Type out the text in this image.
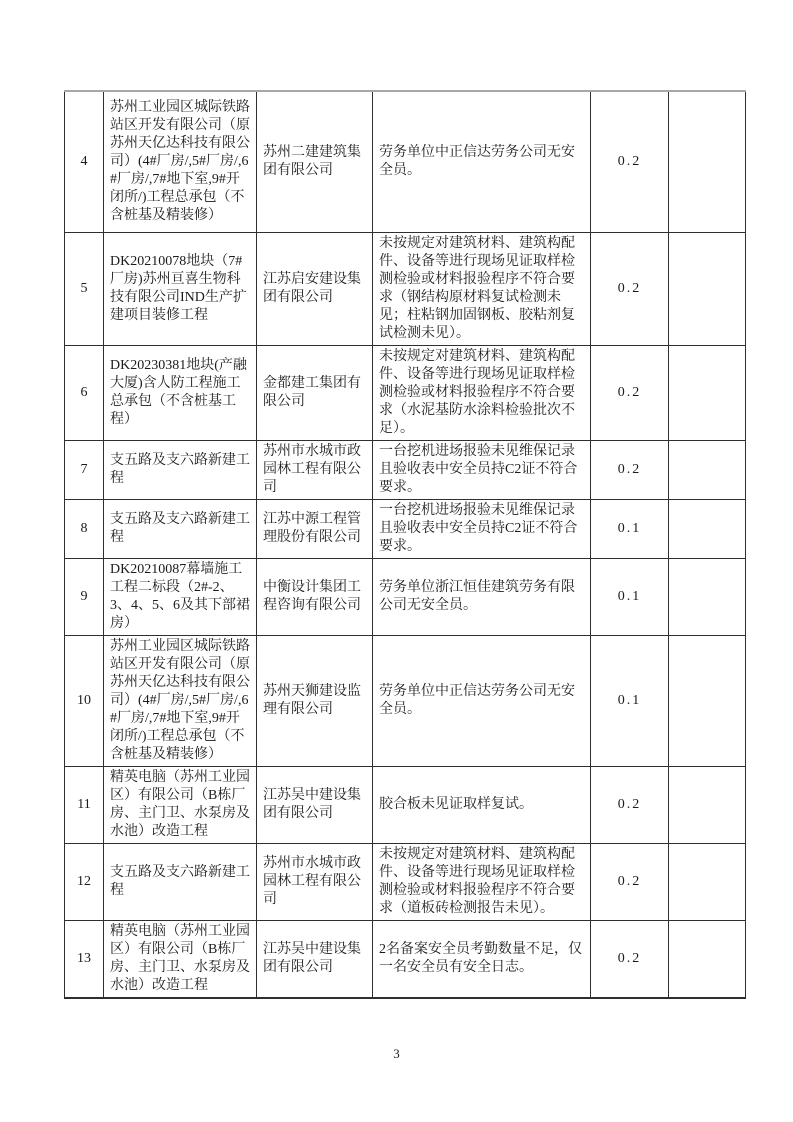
4	苏州工业园区城际铁路站区开发有限公司（原苏州天亿达科技有限公司）(4#厂房/,5#厂房/,6#厂房/,7#地下室,9#开闭所/)工程总承包（不含桩基及精装修）	苏州二建建筑集团有限公司	劳务单位中正信达劳务公司无安全员。	0.2	
5	DK20210078地块（7#厂房)苏州亘喜生物科技有限公司IND生产扩建项目装修工程	江苏启安建设集团有限公司	未按规定对建筑材料、建筑构配件、设备等进行现场见证取样检测检验或材料报验程序不符合要求（钢结构原材料复试检测未见；柱粘钢加固钢板、胶粘剂复试检测未见）。	0.2	
6	DK20230381地块(产融大厦)含人防工程施工总承包（不含桩基工程）	金都建工集团有限公司	未按规定对建筑材料、建筑构配件、设备等进行现场见证取样检测检验或材料报验程序不符合要求（水泥基防水涂料检验批次不足）。	0.2	
7	支五路及支六路新建工程	苏州市水城市政园林工程有限公司	一台挖机进场报验未见维保记录且验收表中安全员持C2证不符合要求。	0.2	
8	支五路及支六路新建工程	江苏中源工程管理股份有限公司	一台挖机进场报验未见维保记录且验收表中安全员持C2证不符合要求。	0.1	
9	DK20210087幕墙施工工程二标段（2#-2、3、4、5、6及其下部裙房）	中衡设计集团工程咨询有限公司	劳务单位浙江恒佳建筑劳务有限公司无安全员。	0.1	
10	苏州工业园区城际铁路站区开发有限公司（原苏州天亿达科技有限公司）(4#厂房/,5#厂房/,6#厂房/,7#地下室,9#开闭所/)工程总承包（不含桩基及精装修）	苏州天狮建设监理有限公司	劳务单位中正信达劳务公司无安全员。	0.1	
11	精英电脑（苏州工业园区）有限公司（B栋厂房、主门卫、水泵房及水池）改造工程	江苏吴中建设集团有限公司	胶合板未见证取样复试。	0.2	
12	支五路及支六路新建工程	苏州市水城市政园林工程有限公司	未按规定对建筑材料、建筑构配件、设备等进行现场见证取样检测检验或材料报验程序不符合要求（道板砖检测报告未见）。	0.2	
13	精英电脑（苏州工业园区）有限公司（B栋厂房、主门卫、水泵房及水池）改造工程	江苏吴中建设集团有限公司	2名备案安全员考勤数量不足，仅一名安全员有安全日志。	0.2	
3
